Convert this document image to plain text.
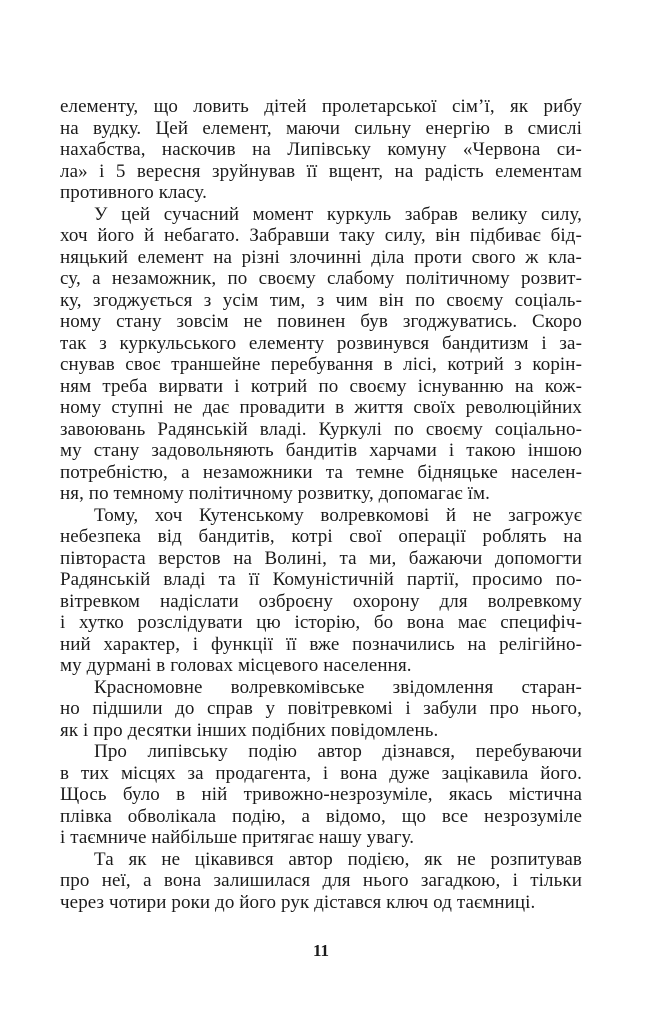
елементу, що ловить дітей пролетарської сім’ї, як рибу
на вудку. Цей елемент, маючи сильну енергію в смислі
нахабства, наскочив на Липівську комуну «Червона си-
ла» і 5 вересня зруйнував її вщент, на радість елементам
противного класу.
У цей сучасний момент куркуль забрав велику силу,
хоч його й небагато. Забравши таку силу, він підбиває бід-
няцький елемент на різні злочинні діла проти свого ж кла-
су, а незаможник, по своєму слабому політичному розвит-
ку, згоджується з усім тим, з чим він по своєму соціаль-
ному стану зовсім не повинен був згоджуватись. Скоро
так з куркульського елементу розвинувся бандитизм і за-
снував своє траншейне перебування в лісі, котрий з корін-
ням треба вирвати і котрий по своєму існуванню на кож-
ному ступні не дає провадити в життя своїх революційних
завоювань Радянській владі. Куркулі по своєму соціально-
му стану задовольняють бандитів харчами і такою іншою
потребністю, а незаможники та темне бідняцьке населен-
ня, по темному політичному розвитку, допомагає їм.
Тому, хоч Кутенському волревкомові й не загрожує
небезпека від бандитів, котрі свої операції роблять на
півтораста верстов на Волині, та ми, бажаючи допомогти
Радянській владі та її Комуністичній партії, просимо по-
вітревком надіслати озброєну охорону для волревкому
і хутко розслідувати цю історію, бо вона має специфіч-
ний характер, і функції її вже позначились на релігійно-
му дурмані в головах місцевого населення.
Красномовне волревкомівське звідомлення старан-
но підшили до справ у повітревкомі і забули про нього,
як і про десятки інших подібних повідомлень.
Про липівську подію автор дізнався, перебуваючи
в тих місцях за продагента, і вона дуже зацікавила його.
Щось було в ній тривожно-незрозуміле, якась містична
плівка обволікала подію, а відомо, що все незрозуміле
і таємниче найбільше притягає нашу увагу.
Та як не цікавився автор подією, як не розпитував
про неї, а вона залишилася для нього загадкою, і тільки
через чотири роки до його рук дістався ключ од таємниці.
11
